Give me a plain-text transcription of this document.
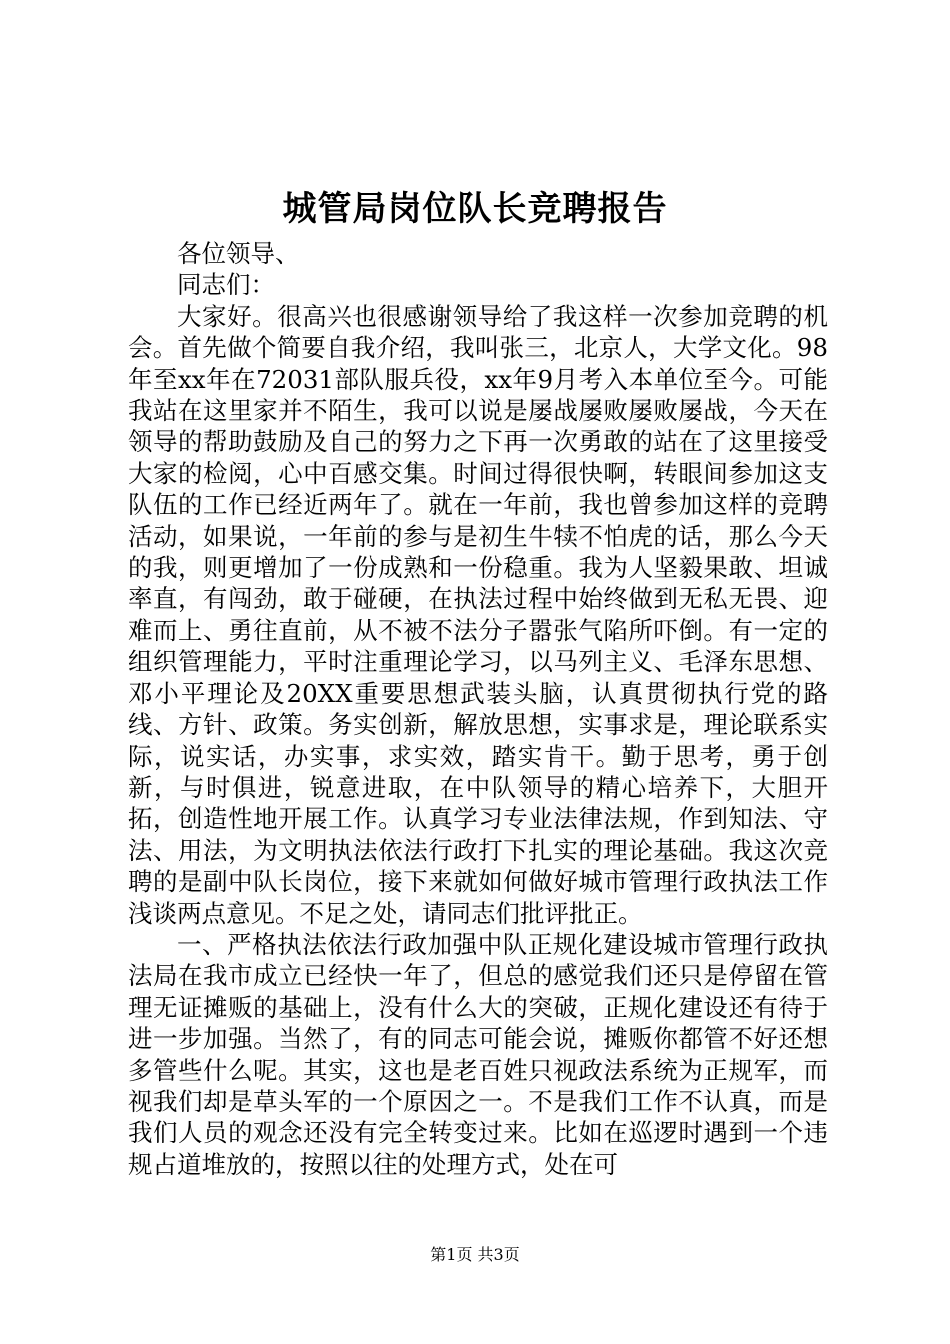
城管局岗位队长竞聘报告

各位领导、

同志们：

大家好。很高兴也很感谢领导给了我这样一次参加竞聘的机会。首先做个简要自我介绍，我叫张三，北京人，大学文化。98年至xx年在72031部队服兵役，xx年9月考入本单位至今。可能我站在这里家并不陌生，我可以说是屡战屡败屡败屡战，今天在领导的帮助鼓励及自己的努力之下再一次勇敢的站在了这里接受大家的检阅，心中百感交集。时间过得很快啊，转眼间参加这支队伍的工作已经近两年了。就在一年前，我也曾参加这样的竞聘活动，如果说，一年前的参与是初生牛犊不怕虎的话，那么今天的我，则更增加了一份成熟和一份稳重。我为人坚毅果敢、坦诚率直，有闯劲，敢于碰硬，在执法过程中始终做到无私无畏、迎难而上、勇往直前，从不被不法分子嚣张气陷所吓倒。有一定的组织管理能力，平时注重理论学习，以马列主义、毛泽东思想、邓小平理论及20XX重要思想武装头脑，认真贯彻执行党的路线、方针、政策。务实创新，解放思想，实事求是，理论联系实际，说实话，办实事，求实效，踏实肯干。勤于思考，勇于创新，与时俱进，锐意进取，在中队领导的精心培养下，大胆开拓，创造性地开展工作。认真学习专业法律法规，作到知法、守法、用法，为文明执法依法行政打下扎实的理论基础。我这次竞聘的是副中队长岗位，接下来就如何做好城市管理行政执法工作浅谈两点意见。不足之处，请同志们批评批正。

一、严格执法依法行政加强中队正规化建设城市管理行政执法局在我市成立已经快一年了，但总的感觉我们还只是停留在管理无证摊贩的基础上，没有什么大的突破，正规化建设还有待于进一步加强。当然了，有的同志可能会说，摊贩你都管不好还想多管些什么呢。其实，这也是老百姓只视政法系统为正规军，而视我们却是草头军的一个原因之一。不是我们工作不认真，而是我们人员的观念还没有完全转变过来。比如在巡逻时遇到一个违规占道堆放的，按照以往的处理方式，处在可

第1页 共3页
